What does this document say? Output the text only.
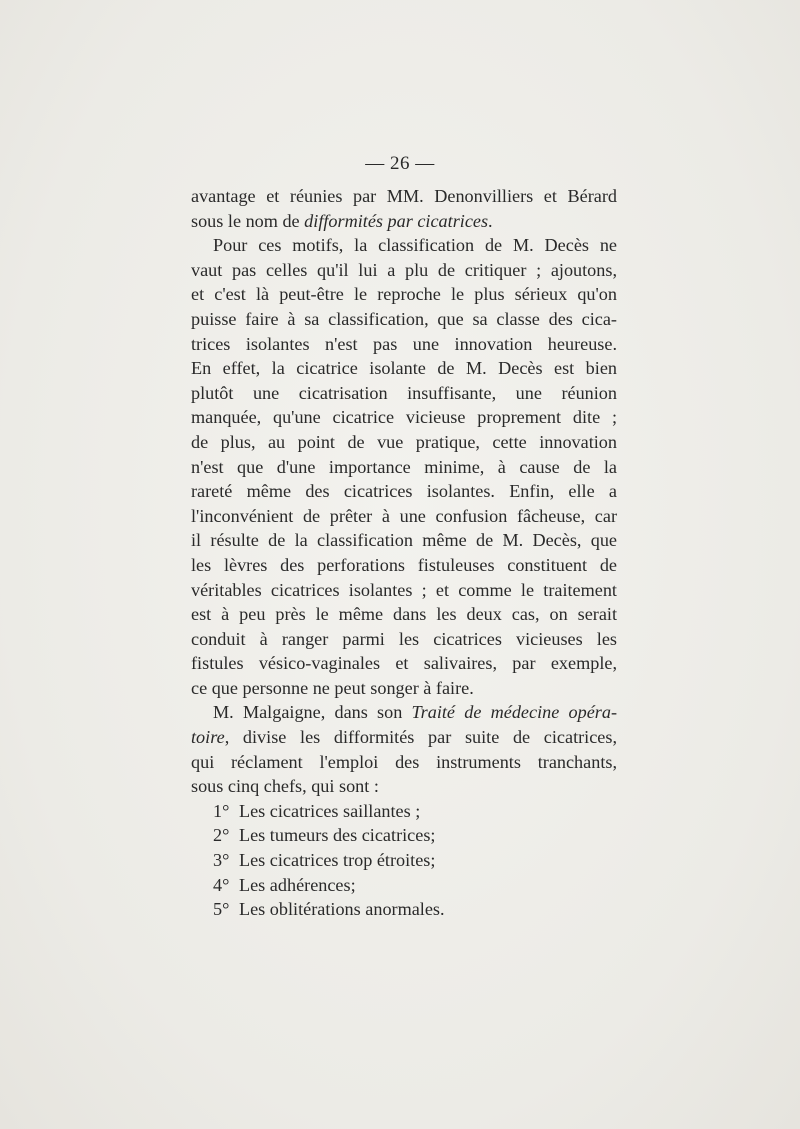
— 26 —
avantage et réunies par MM. Denonvilliers et Bérard
sous le nom de difformités par cicatrices.
Pour ces motifs, la classification de M. Decès ne
vaut pas celles qu'il lui a plu de critiquer ; ajoutons,
et c'est là peut-être le reproche le plus sérieux qu'on
puisse faire à sa classification, que sa classe des cica-
trices isolantes n'est pas une innovation heureuse.
En effet, la cicatrice isolante de M. Decès est bien
plutôt une cicatrisation insuffisante, une réunion
manquée, qu'une cicatrice vicieuse proprement dite ;
de plus, au point de vue pratique, cette innovation
n'est que d'une importance minime, à cause de la
rareté même des cicatrices isolantes. Enfin, elle a
l'inconvénient de prêter à une confusion fâcheuse, car
il résulte de la classification même de M. Decès, que
les lèvres des perforations fistuleuses constituent de
véritables cicatrices isolantes ; et comme le traitement
est à peu près le même dans les deux cas, on serait
conduit à ranger parmi les cicatrices vicieuses les
fistules vésico-vaginales et salivaires, par exemple,
ce que personne ne peut songer à faire.
M. Malgaigne, dans son Traité de médecine opéra-
toire, divise les difformités par suite de cicatrices,
qui réclament l'emploi des instruments tranchants,
sous cinq chefs, qui sont :
1° Les cicatrices saillantes ;
2° Les tumeurs des cicatrices;
3° Les cicatrices trop étroites;
4° Les adhérences;
5° Les oblitérations anormales.
